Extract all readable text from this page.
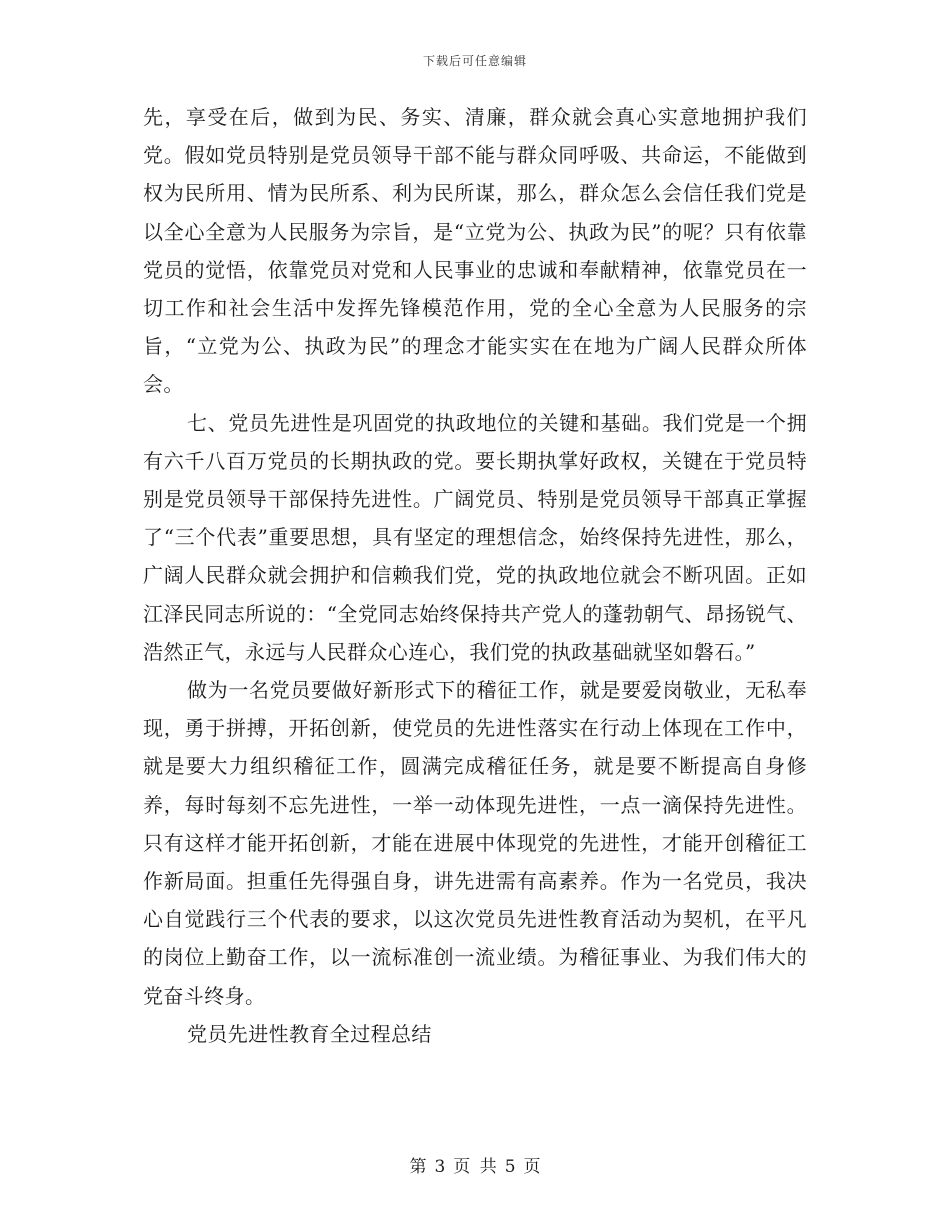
下载后可任意编辑

先，享受在后，做到为民、务实、清廉，群众就会真心实意地拥护我们党。假如党员特别是党员领导干部不能与群众同呼吸、共命运，不能做到权为民所用、情为民所系、利为民所谋，那么，群众怎么会信任我们党是以全心全意为人民服务为宗旨，是“立党为公、执政为民”的呢？只有依靠党员的觉悟，依靠党员对党和人民事业的忠诚和奉献精神，依靠党员在一切工作和社会生活中发挥先锋模范作用，党的全心全意为人民服务的宗旨，“立党为公、执政为民”的理念才能实实在在地为广阔人民群众所体会。

七、党员先进性是巩固党的执政地位的关键和基础。我们党是一个拥有六千八百万党员的长期执政的党。要长期执掌好政权，关键在于党员特别是党员领导干部保持先进性。广阔党员、特别是党员领导干部真正掌握了“三个代表”重要思想，具有坚定的理想信念，始终保持先进性，那么，广阔人民群众就会拥护和信赖我们党，党的执政地位就会不断巩固。正如江泽民同志所说的：“全党同志始终保持共产党人的蓬勃朝气、昂扬锐气、浩然正气，永远与人民群众心连心，我们党的执政基础就坚如磐石。”

做为一名党员要做好新形式下的稽征工作，就是要爱岗敬业，无私奉现，勇于拼搏，开拓创新，使党员的先进性落实在行动上体现在工作中，就是要大力组织稽征工作，圆满完成稽征任务，就是要不断提高自身修养，每时每刻不忘先进性，一举一动体现先进性，一点一滴保持先进性。只有这样才能开拓创新，才能在进展中体现党的先进性，才能开创稽征工作新局面。担重任先得强自身，讲先进需有高素养。作为一名党员，我决心自觉践行三个代表的要求，以这次党员先进性教育活动为契机，在平凡的岗位上勤奋工作，以一流标准创一流业绩。为稽征事业、为我们伟大的党奋斗终身。

党员先进性教育全过程总结

第 3 页 共 5 页
